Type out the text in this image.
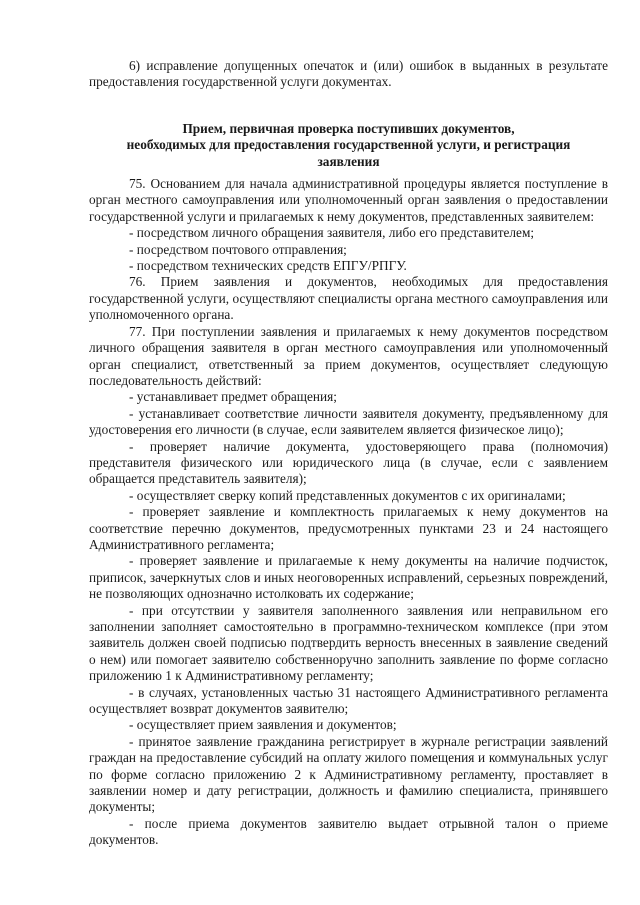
6) исправление допущенных опечаток и (или) ошибок в выданных в результате предоставления государственной услуги документах.

Прием, первичная проверка поступивших документов,
необходимых для предоставления государственной услуги, и регистрация
заявления

75. Основанием для начала административной процедуры является поступление в орган местного самоуправления или уполномоченный орган заявления о предоставлении государственной услуги и прилагаемых к нему документов, представленных заявителем:

- посредством личного обращения заявителя, либо его представителем;

- посредством почтового отправления;

- посредством технических средств ЕПГУ/РПГУ.

76. Прием заявления и документов, необходимых для предоставления государственной услуги, осуществляют специалисты органа местного самоуправления или уполномоченного органа.

77. При поступлении заявления и прилагаемых к нему документов посредством личного обращения заявителя в орган местного самоуправления или уполномоченный орган специалист, ответственный за прием документов, осуществляет следующую последовательность действий:

- устанавливает предмет обращения;

- устанавливает соответствие личности заявителя документу, предъявленному для удостоверения его личности (в случае, если заявителем является физическое лицо);

- проверяет наличие документа, удостоверяющего права (полномочия) представителя физического или юридического лица (в случае, если с заявлением обращается представитель заявителя);

- осуществляет сверку копий представленных документов с их оригиналами;

- проверяет заявление и комплектность прилагаемых к нему документов на соответствие перечню документов, предусмотренных пунктами 23 и 24 настоящего Административного регламента;

- проверяет заявление и прилагаемые к нему документы на наличие подчисток, приписок, зачеркнутых слов и иных неоговоренных исправлений, серьезных повреждений, не позволяющих однозначно истолковать их содержание;

- при отсутствии у заявителя заполненного заявления или неправильном его заполнении заполняет самостоятельно в программно-техническом комплексе (при этом заявитель должен своей подписью подтвердить верность внесенных в заявление сведений о нем) или помогает заявителю собственноручно заполнить заявление по форме согласно приложению 1 к Административному регламенту;

- в случаях, установленных частью 31 настоящего Административного регламента осуществляет возврат документов заявителю;

- осуществляет прием заявления и документов;

- принятое заявление гражданина регистрирует в журнале регистрации заявлений граждан на предоставление субсидий на оплату жилого помещения и коммунальных услуг по форме согласно приложению 2 к Административному регламенту, проставляет в заявлении номер и дату регистрации, должность и фамилию специалиста, принявшего документы;

- после приема документов заявителю выдает отрывной талон о приеме документов.
